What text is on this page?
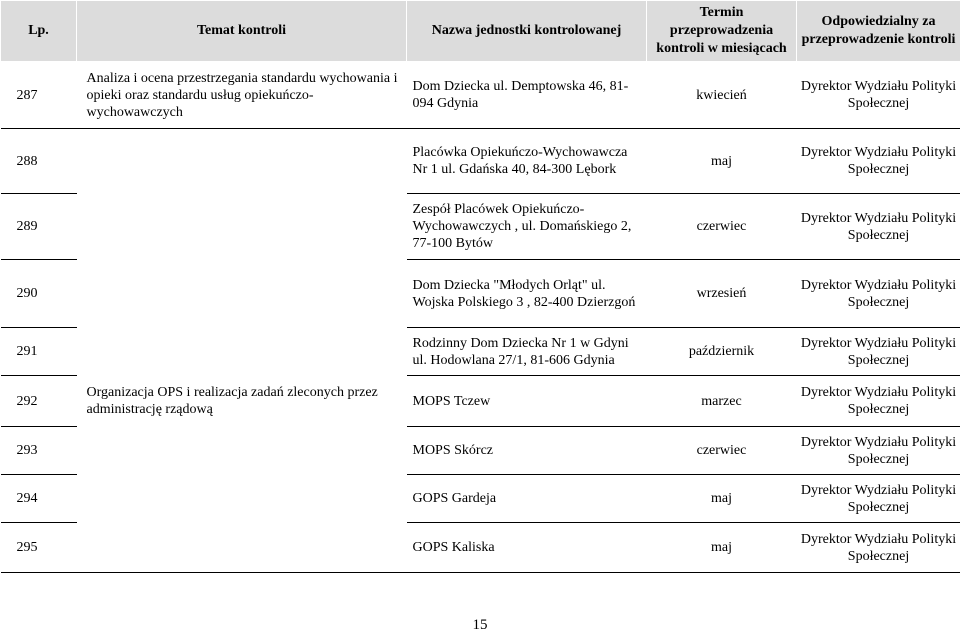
Lp.	Temat kontroli	Nazwa jednostki kontrolowanej	Termin przeprowadzenia kontroli w miesiącach	Odpowiedzialny za przeprowadzenie kontroli
287	Analiza i ocena przestrzegania standardu wychowania i opieki oraz standardu usług opiekuńczo-wychowawczych	Dom Dziecka ul. Demptowska 46, 81-094 Gdynia	kwiecień	Dyrektor Wydziału Polityki Społecznej
288		Placówka Opiekuńczo-Wychowawcza Nr 1 ul. Gdańska 40, 84-300 Lębork	maj	Dyrektor Wydziału Polityki Społecznej
289		Zespół Placówek Opiekuńczo-Wychowawczych , ul. Domańskiego 2, 77-100 Bytów	czerwiec	Dyrektor Wydziału Polityki Społecznej
290		Dom Dziecka "Młodych Orląt" ul. Wojska Polskiego 3 , 82-400 Dzierzgoń	wrzesień	Dyrektor Wydziału Polityki Społecznej
291		Rodzinny Dom Dziecka Nr 1 w Gdyni ul. Hodowlana 27/1, 81-606 Gdynia	październik	Dyrektor Wydziału Polityki Społecznej
292	Organizacja OPS i realizacja zadań zleconych przez administrację rządową	MOPS Tczew	marzec	Dyrektor Wydziału Polityki Społecznej
293		MOPS Skórcz	czerwiec	Dyrektor Wydziału Polityki Społecznej
294		GOPS Gardeja	maj	Dyrektor Wydziału Polityki Społecznej
295		GOPS Kaliska	maj	Dyrektor Wydziału Polityki Społecznej
15
